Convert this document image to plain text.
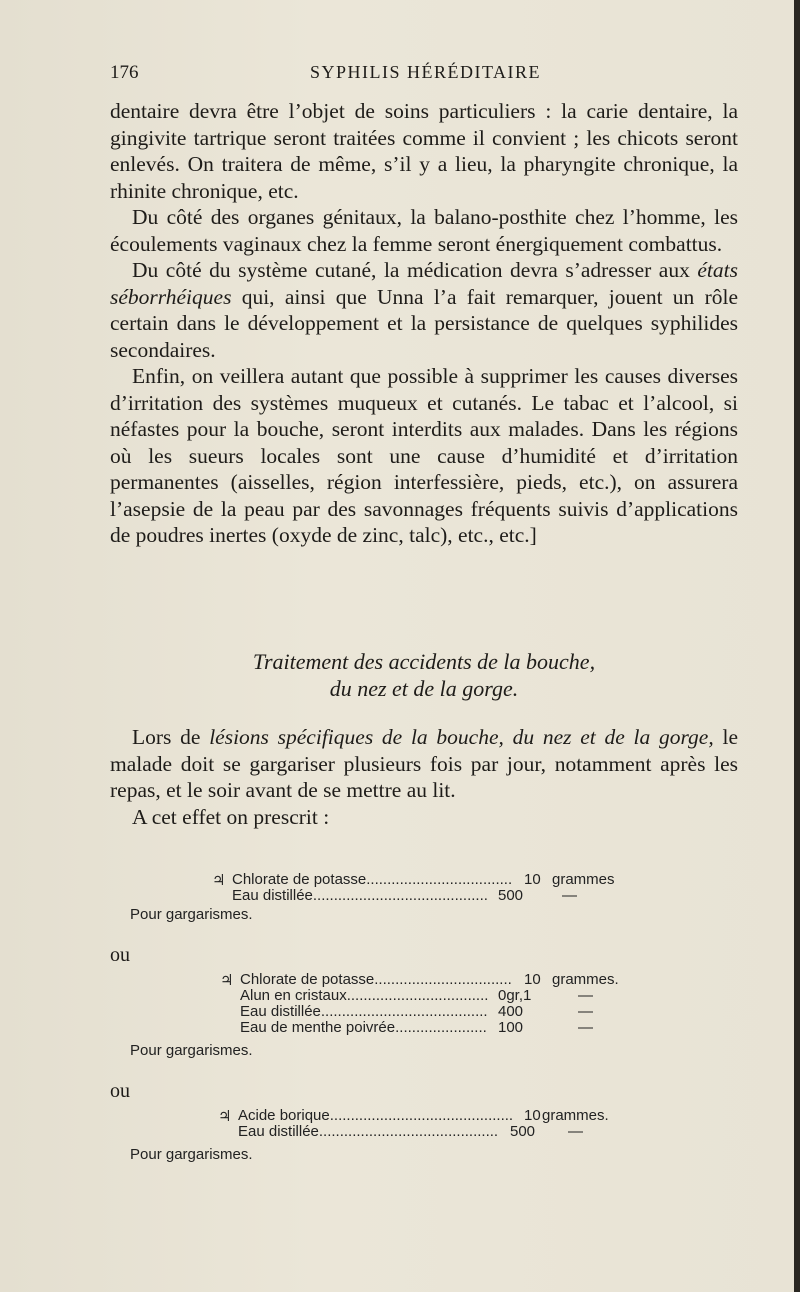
176	SYPHILIS HÉRÉDITAIRE

dentaire devra être l’objet de soins particuliers : la carie dentaire, la gingivite tartrique seront traitées comme il convient ; les chicots seront enlevés. On traitera de même, s’il y a lieu, la pharyngite chronique, la rhinite chronique, etc.

Du côté des organes génitaux, la balano-posthite chez l’homme, les écoulements vaginaux chez la femme seront énergiquement combattus.

Du côté du système cutané, la médication devra s’adresser aux états séborrhéiques qui, ainsi que Unna l’a fait remarquer, jouent un rôle certain dans le développement et la persistance de quelques syphilides secondaires.

Enfin, on veillera autant que possible à supprimer les causes diverses d’irritation des systèmes muqueux et cutanés. Le tabac et l’alcool, si néfastes pour la bouche, seront interdits aux malades. Dans les régions où les sueurs locales sont une cause d’humidité et d’irritation permanentes (aisselles, région interfessière, pieds, etc.), on assurera l’asepsie de la peau par des savonnages fréquents suivis d’applications de poudres inertes (oxyde de zinc, talc), etc., etc.]

Traitement des accidents de la bouche,
du nez et de la gorge.

Lors de lésions spécifiques de la bouche, du nez et de la gorge, le malade doit se gargariser plusieurs fois par jour, notamment après les repas, et le soir avant de se mettre au lit.

A cet effet on prescrit :

♃ Chlorate de potasse................................... 10 grammes
Eau distillée.......................................... 500	—
Pour gargarismes.
ou
♃ Chlorate de potasse................................. 10 grammes.
Alun en cristaux.................................. 0gr,1	—
Eau distillée........................................ 400	—
Eau de menthe poivrée...................... 100	—
Pour gargarismes.
ou
♃ Acide borique............................................ 10 grammes.
Eau distillée........................................... 500 —
Pour gargarismes.
